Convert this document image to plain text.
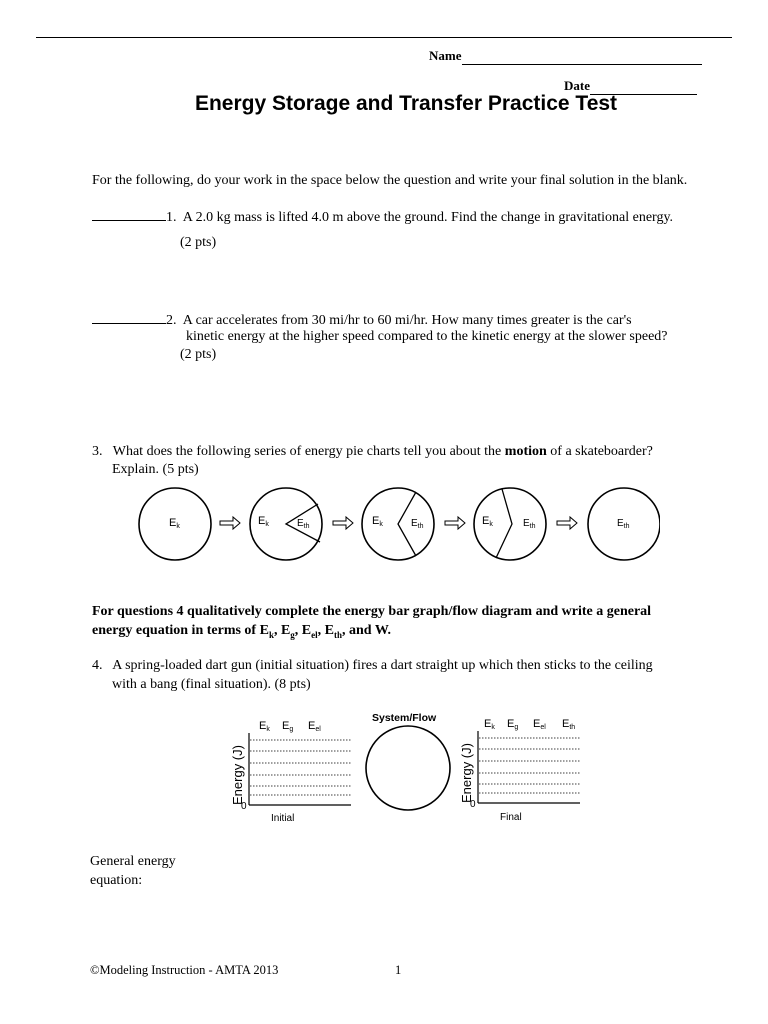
Name
Date
Energy Storage and Transfer Practice Test
For the following, do your work in the space below the question and write your final solution in the blank.
1. A 2.0 kg mass is lifted 4.0 m above the ground. Find the change in gravitational energy.
(2 pts)
2. A car accelerates from 30 mi/hr to 60 mi/hr. How many times greater is the car's
kinetic energy at the higher speed compared to the kinetic energy at the slower speed?
(2 pts)
3. What does the following series of energy pie charts tell you about the motion of a skateboarder?
Explain. (5 pts)
Ek	Ek	$E_{th}$	Ek	$E_{th}$	Ek	$E_{th}$	$E_{th}$
For questions 4 qualitatively complete the energy bar graph/flow diagram and write a general
energy equation in terms of $E_k$, $E_g$, $E_{el}$, $E_{th}$, and W.
4. A spring-loaded dart gun (initial situation) fires a dart straight up which then sticks to the ceiling
with a bang (final situation). (8 pts)
Ek Eg Eel
Energy (J)
0
Initial
System/Flow	Ek Eg Eel Eth
Energy (J)
0
Final
General energy
equation:
©Modeling Instruction - AMTA 2013	1
